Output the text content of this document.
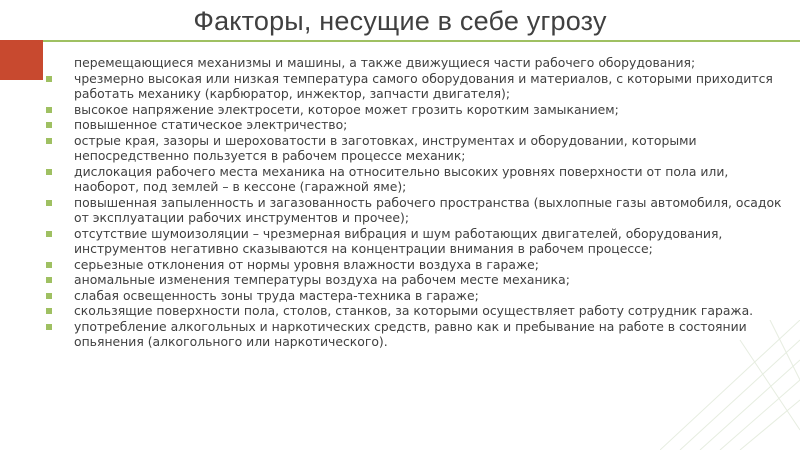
Факторы, несущие в себе угрозу
перемещающиеся механизмы и машины, а также движущиеся части рабочего оборудования;
чрезмерно высокая или низкая температура самого оборудования и материалов, с которыми приходится работать механику (карбюратор, инжектор, запчасти двигателя);
высокое напряжение электросети, которое может грозить коротким замыканием;
повышенное статическое электричество;
острые края, зазоры и шероховатости в заготовках, инструментах и оборудовании, которыми непосредственно пользуется в рабочем процессе механик;
дислокация рабочего места механика на относительно высоких уровнях поверхности от пола или, наоборот, под землей – в кессоне (гаражной яме);
повышенная запыленность и загазованность рабочего пространства (выхлопные газы автомобиля, осадок от эксплуатации рабочих инструментов и прочее);
отсутствие шумоизоляции – чрезмерная вибрация и шум работающих двигателей, оборудования, инструментов негативно сказываются на концентрации внимания в рабочем процессе;
серьезные отклонения от нормы уровня влажности воздуха в гараже;
аномальные изменения температуры воздуха на рабочем месте механика;
слабая освещенность зоны труда мастера-техника в гараже;
скользящие поверхности пола, столов, станков, за которыми осуществляет работу сотрудник гаража.
употребление алкогольных и наркотических средств, равно как и пребывание на работе в состоянии опьянения (алкогольного или наркотического).
